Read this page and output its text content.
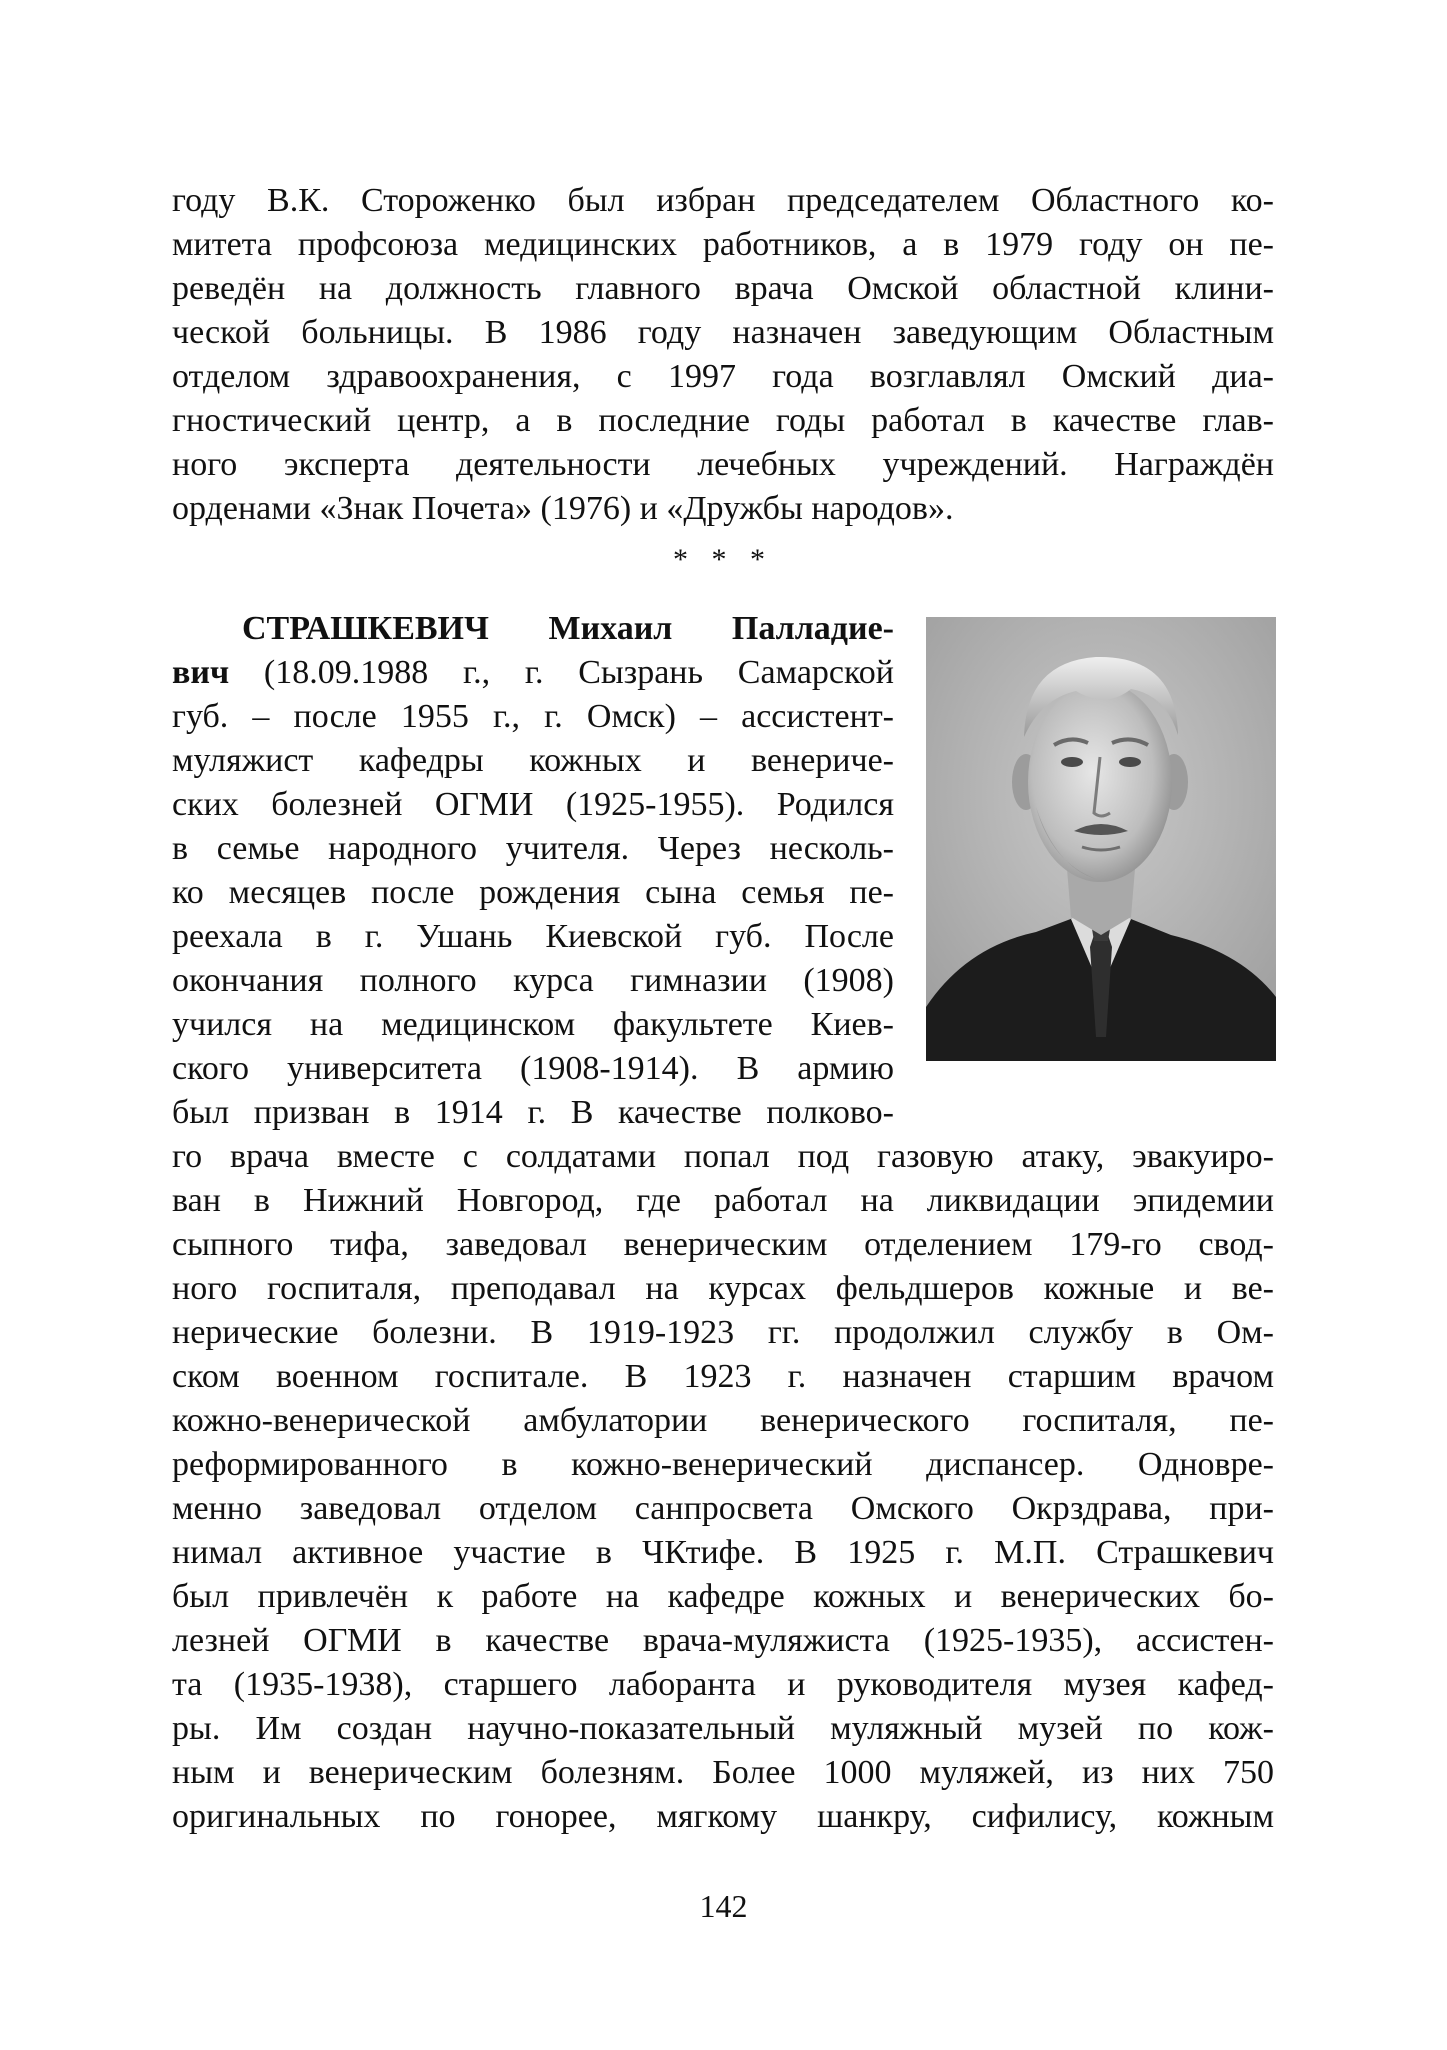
году В.К. Стороженко был избран председателем Областного ко-
митета профсоюза медицинских работников, а в 1979 году он пе-
реведён на должность главного врача Омской областной клини-
ческой больницы. В 1986 году назначен заведующим Областным
отделом здравоохранения, с 1997 года возглавлял Омский диа-
гностический центр, а в последние годы работал в качестве глав-
ного эксперта деятельности лечебных учреждений. Награждён
орденами «Знак Почета» (1976) и «Дружбы народов».
* * *
СТРАШКЕВИЧ Михаил Палладие-
вич (18.09.1988 г., г. Сызрань Самарской
губ. – после 1955 г., г. Омск) – ассистент-
муляжист кафедры кожных и венериче-
ских болезней ОГМИ (1925-1955). Родился
в семье народного учителя. Через несколь-
ко месяцев после рождения сына семья пе-
реехала в г. Ушань Киевской губ. После
окончания полного курса гимназии (1908)
учился на медицинском факультете Киев-
ского университета (1908-1914). В армию
был призван в 1914 г. В качестве полково-
го врача вместе с солдатами попал под газовую атаку, эвакуиро-
ван в Нижний Новгород, где работал на ликвидации эпидемии
сыпного тифа, заведовал венерическим отделением 179-го свод-
ного госпиталя, преподавал на курсах фельдшеров кожные и ве-
нерические болезни. В 1919-1923 гг. продолжил службу в Ом-
ском военном госпитале. В 1923 г. назначен старшим врачом
кожно-венерической амбулатории венерического госпиталя, пе-
реформированного в кожно-венерический диспансер. Одновре-
менно заведовал отделом санпросвета Омского Окрздрава, при-
нимал активное участие в ЧКтифе. В 1925 г. М.П. Страшкевич
был привлечён к работе на кафедре кожных и венерических бо-
лезней ОГМИ в качестве врача-муляжиста (1925-1935), ассистен-
та (1935-1938), старшего лаборанта и руководителя музея кафед-
ры. Им создан научно-показательный муляжный музей по кож-
ным и венерическим болезням. Более 1000 муляжей, из них 750
оригинальных по гонорее, мягкому шанкру, сифилису, кожным
142
